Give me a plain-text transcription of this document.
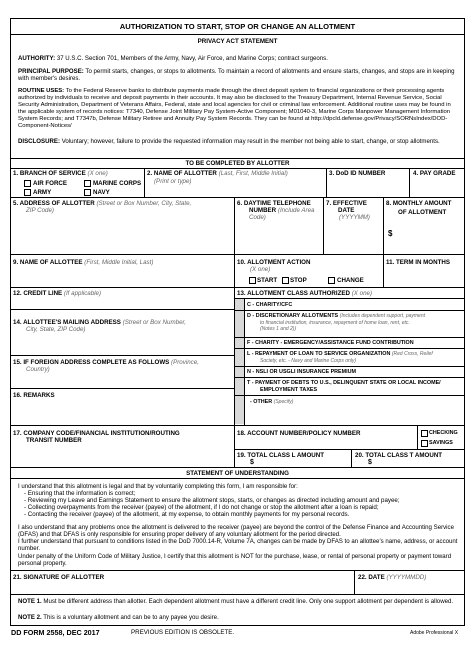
AUTHORIZATION TO START, STOP OR CHANGE AN ALLOTMENT
PRIVACY ACT STATEMENT
AUTHORITY: 37 U.S.C. Section 701, Members of the Army, Navy, Air Force, and Marine Corps; contract surgeons.
PRINCIPAL PURPOSE: To permit starts, changes, or stops to allotments. To maintain a record of allotments and ensure starts, changes, and stops are in keeping with member's desires.
ROUTINE USES: To the Federal Reserve banks to distribute payments made through the direct deposit system to financial organizations or their processing agents authorized by individuals to receive and deposit payments in their accounts. It may also be disclosed to the Treasury Department, Internal Revenue Service, Social Security Administration, Department of Veterans Affairs, Federal, state and local agencies for civil or criminal law enforcement. Additional routine uses may be found in the applicable system of records notices: T7340, Defense Joint Military Pay System-Active Component; M01040-3, Marine Corps Manpower Management Information System Records; and T7347b, Defense Military Retiree and Annuity Pay System Records. They can be found at http://dpcld.defense.gov/Privacy/SORNsIndex/DOD-Component-Notices/
DISCLOSURE: Voluntary; however, failure to provide the requested information may result in the member not being able to start, change, or stop allotments.
TO BE COMPLETED BY ALLOTTER
1. BRANCH OF SERVICE (X one)
AIR FORCE	MARINE CORPS
ARMY	NAVY
2. NAME OF ALLOTTER (Last, First, Middle Initial)
(Print or type)
3. DoD ID NUMBER	4. PAY GRADE
5. ADDRESS OF ALLOTTER (Street or Box Number, City, State,
ZIP Code)
6. DAYTIME TELEPHONE
NUMBER (Include Area
Code)
7. EFFECTIVE
DATE
(YYYYMM)
8. MONTHLY AMOUNT
OF ALLOTMENT
$
9. NAME OF ALLOTTEE (First, Middle Initial, Last)	10. ALLOTMENT ACTION
(X one)
START STOP	CHANGE
11. TERM IN MONTHS
12. CREDIT LINE (If applicable)
14. ALLOTTEE'S MAILING ADDRESS (Street or Box Number,
City, State, ZIP Code)
15. IF FOREIGN ADDRESS COMPLETE AS FOLLOWS (Province,
Country)
16. REMARKS
13. ALLOTMENT CLASS AUTHORIZED (X one)
C - CHARITY/CFC
D - DISCRETIONARY ALLOTMENTS (Includes dependent support, payment
to financial institution, insurance, repayment of home loan, rent, etc.
(Notes 1 and 2))
F - CHARITY - EMERGENCY/ASSISTANCE FUND CONTRIBUTION
L - REPAYMENT OF LOAN TO SERVICE ORGANIZATION (Red Cross, Relief
Society, etc. - Navy and Marine Corps only)
N - NSLI OR USGLI INSURANCE PREMIUM
T - PAYMENT OF DEBTS TO U.S., DELINQUENT STATE OR LOCAL INCOME/
EMPLOYMENT TAXES
- OTHER (Specify)
17. COMPANY CODE/FINANCIAL INSTITUTION/ROUTING
TRANSIT NUMBER
18. ACCOUNT NUMBER/POLICY NUMBER	CHECKING
SAVINGS
19. TOTAL CLASS L AMOUNT
$
20. TOTAL CLASS T AMOUNT
$
STATEMENT OF UNDERSTANDING
I understand that this allotment is legal and that by voluntarily completing this form, I am responsible for:
- Ensuring that the information is correct;
- Reviewing my Leave and Earnings Statement to ensure the allotment stops, starts, or changes as directed including amount and payee;
- Collecting overpayments from the receiver (payee) of the allotment, if I do not change or stop the allotment after a loan is repaid;
- Contacting the receiver (payee) of the allotment, at my expense, to obtain monthly payments for my personal records.
I also understand that any problems once the allotment is delivered to the receiver (payee) are beyond the control of the Defense Finance and Accounting Service (DFAS) and that DFAS is only responsible for ensuring proper delivery of any voluntary allotment for the period directed.
I further understand that pursuant to conditions listed in the DoD 7000.14-R, Volume 7A, changes can be made by DFAS to an allottee's name, address, or account number.
Under penalty of the Uniform Code of Military Justice, I certify that this allotment is NOT for the purchase, lease, or rental of personal property or payment toward personal property.
21. SIGNATURE OF ALLOTTER	22. DATE (YYYYMMDD)
NOTE 1. Must be different address than allotter. Each dependent allotment must have a different credit line. Only one support allotment per dependent is allowed.
NOTE 2. This is a voluntary allotment and can be to any payee you desire.
DD FORM 2558, DEC 2017	PREVIOUS EDITION IS OBSOLETE.	Adobe Professional X
